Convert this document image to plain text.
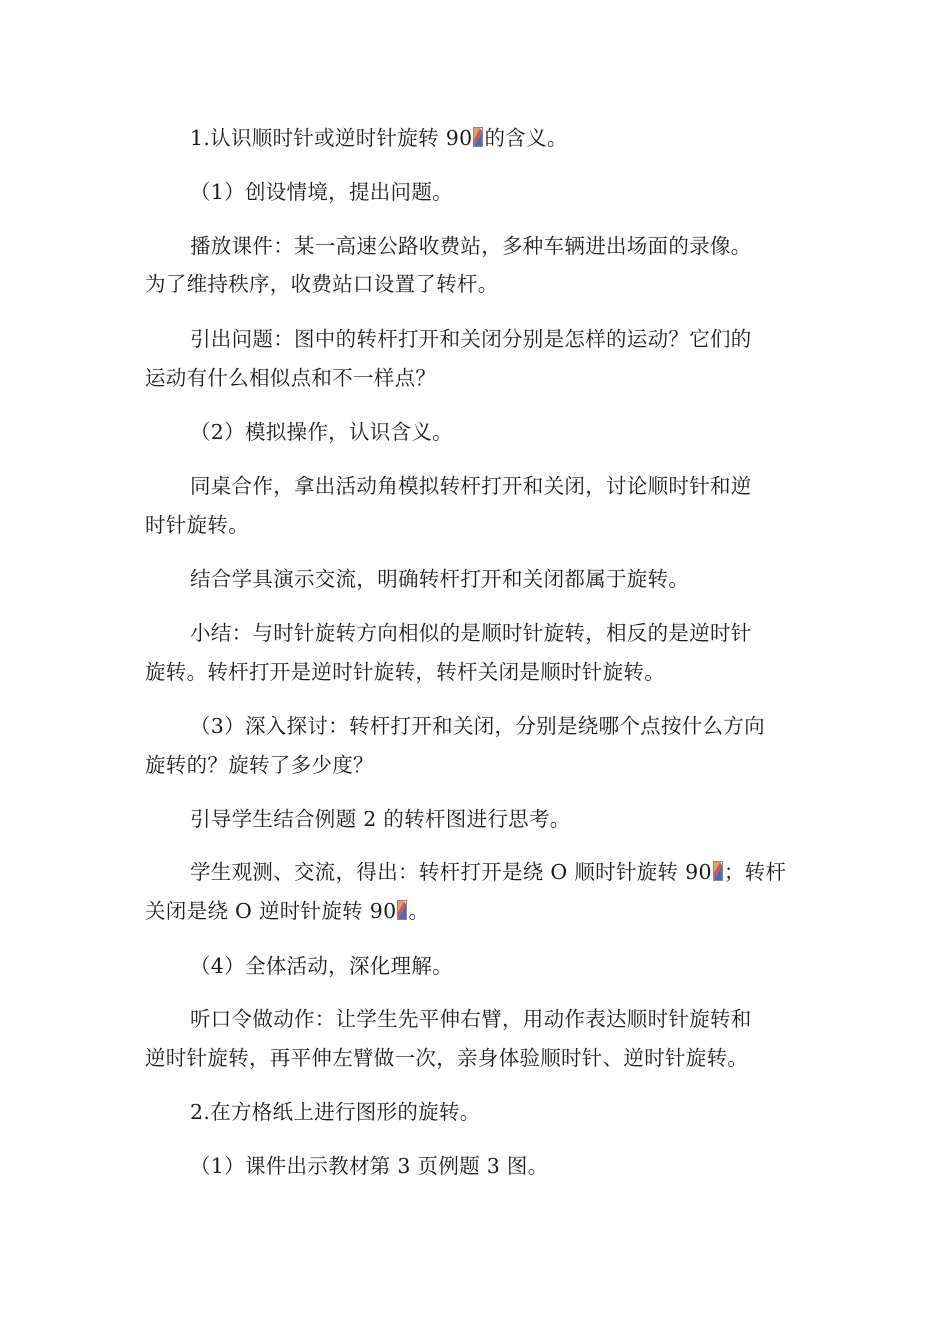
1.认识顺时针或逆时针旋转 90 的含义。
（1）创设情境，提出问题。
播放课件：某一高速公路收费站，多种车辆进出场面的录像。
为了维持秩序，收费站口设置了转杆。
引出问题：图中的转杆打开和关闭分别是怎样的运动？它们的
运动有什么相似点和不一样点？
（2）模拟操作，认识含义。
同桌合作，拿出活动角模拟转杆打开和关闭，讨论顺时针和逆
时针旋转。
结合学具演示交流，明确转杆打开和关闭都属于旋转。
小结：与时针旋转方向相似的是顺时针旋转，相反的是逆时针
旋转。转杆打开是逆时针旋转，转杆关闭是顺时针旋转。
（3）深入探讨：转杆打开和关闭，分别是绕哪个点按什么方向
旋转的？旋转了多少度？
引导学生结合例题 2 的转杆图进行思考。
学生观测、交流，得出：转杆打开是绕 O 顺时针旋转 90 ；转杆
关闭是绕 O 逆时针旋转 90 。
（4）全体活动，深化理解。
听口令做动作：让学生先平伸右臂，用动作表达顺时针旋转和
逆时针旋转，再平伸左臂做一次，亲身体验顺时针、逆时针旋转。
2.在方格纸上进行图形的旋转。
（1）课件出示教材第 3 页例题 3 图。
